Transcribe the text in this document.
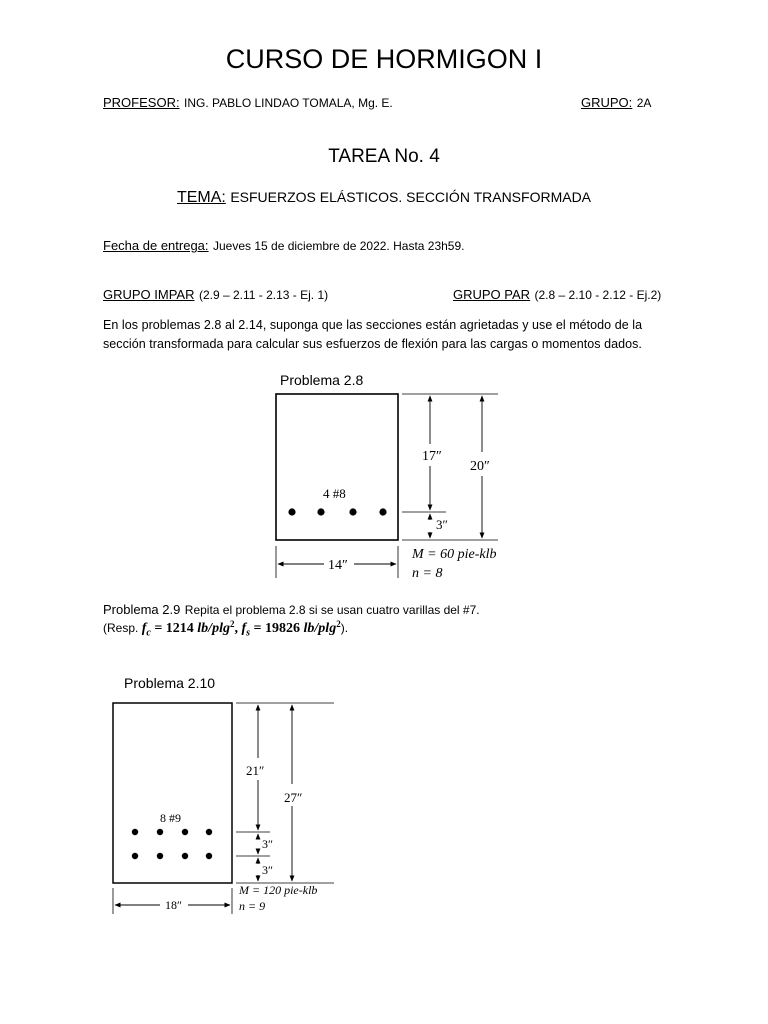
CURSO DE HORMIGON I
PROFESOR: ING. PABLO LINDAO TOMALA, Mg. E.	GRUPO: 2A
TAREA No. 4
TEMA: ESFUERZOS ELÁSTICOS. SECCIÓN TRANSFORMADA
Fecha de entrega: Jueves 15 de diciembre de 2022. Hasta 23h59.
GRUPO IMPAR (2.9 – 2.11 - 2.13 - Ej. 1)	GRUPO PAR (2.8 – 2.10 - 2.12 - Ej.2)
En los problemas 2.8 al 2.14, suponga que las secciones están agrietadas y use el método de la sección transformada para calcular sus esfuerzos de flexión para las cargas o momentos dados.
Problema 2.8
4 #8
17″
3″
20″
14″
M = 60 pie-klb
n = 8
Problema 2.9 Repita el problema 2.8 si se usan cuatro varillas del #7.
(Resp. $f_c = 1214$ lb/plg$^2$, $f_s = 19826$ lb/plg$^2$).
Problema 2.10
8 #9
21″
3″
3″
27″
18″
M = 120 pie-klb
n = 9
